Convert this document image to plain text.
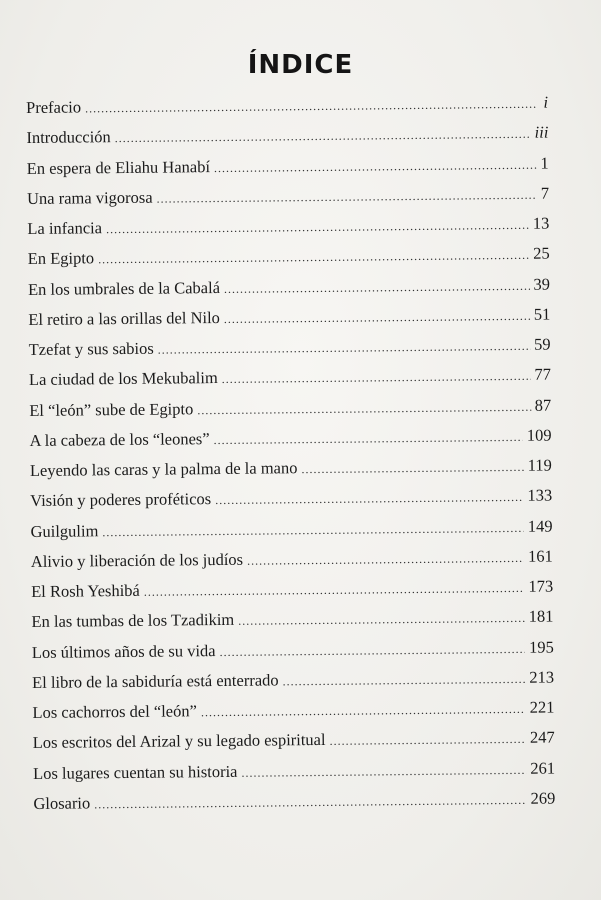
ÍNDICE
Prefacio .....	i
Introducción .....	iii
En espera de Eliahu Hanabí .....	1
Una rama vigorosa .....	7
La infancia .....	13
En Egipto .....	25
En los umbrales de la Cabalá .....	39
El retiro a las orillas del Nilo .....	51
Tzefat y sus sabios .....	59
La ciudad de los Mekubalim .....	77
El “león” sube de Egipto .....	87
A la cabeza de los “leones” .....	109
Leyendo las caras y la palma de la mano .....	119
Visión y poderes proféticos .....	133
Guilgulim .....	149
Alivio y liberación de los judíos .....	161
El Rosh Yeshibá .....	173
En las tumbas de los Tzadikim .....	181
Los últimos años de su vida .....	195
El libro de la sabiduría está enterrado .....	213
Los cachorros del “león” .....	221
Los escritos del Arizal y su legado espiritual .....	247
Los lugares cuentan su historia .....	261
Glosario .....	269
